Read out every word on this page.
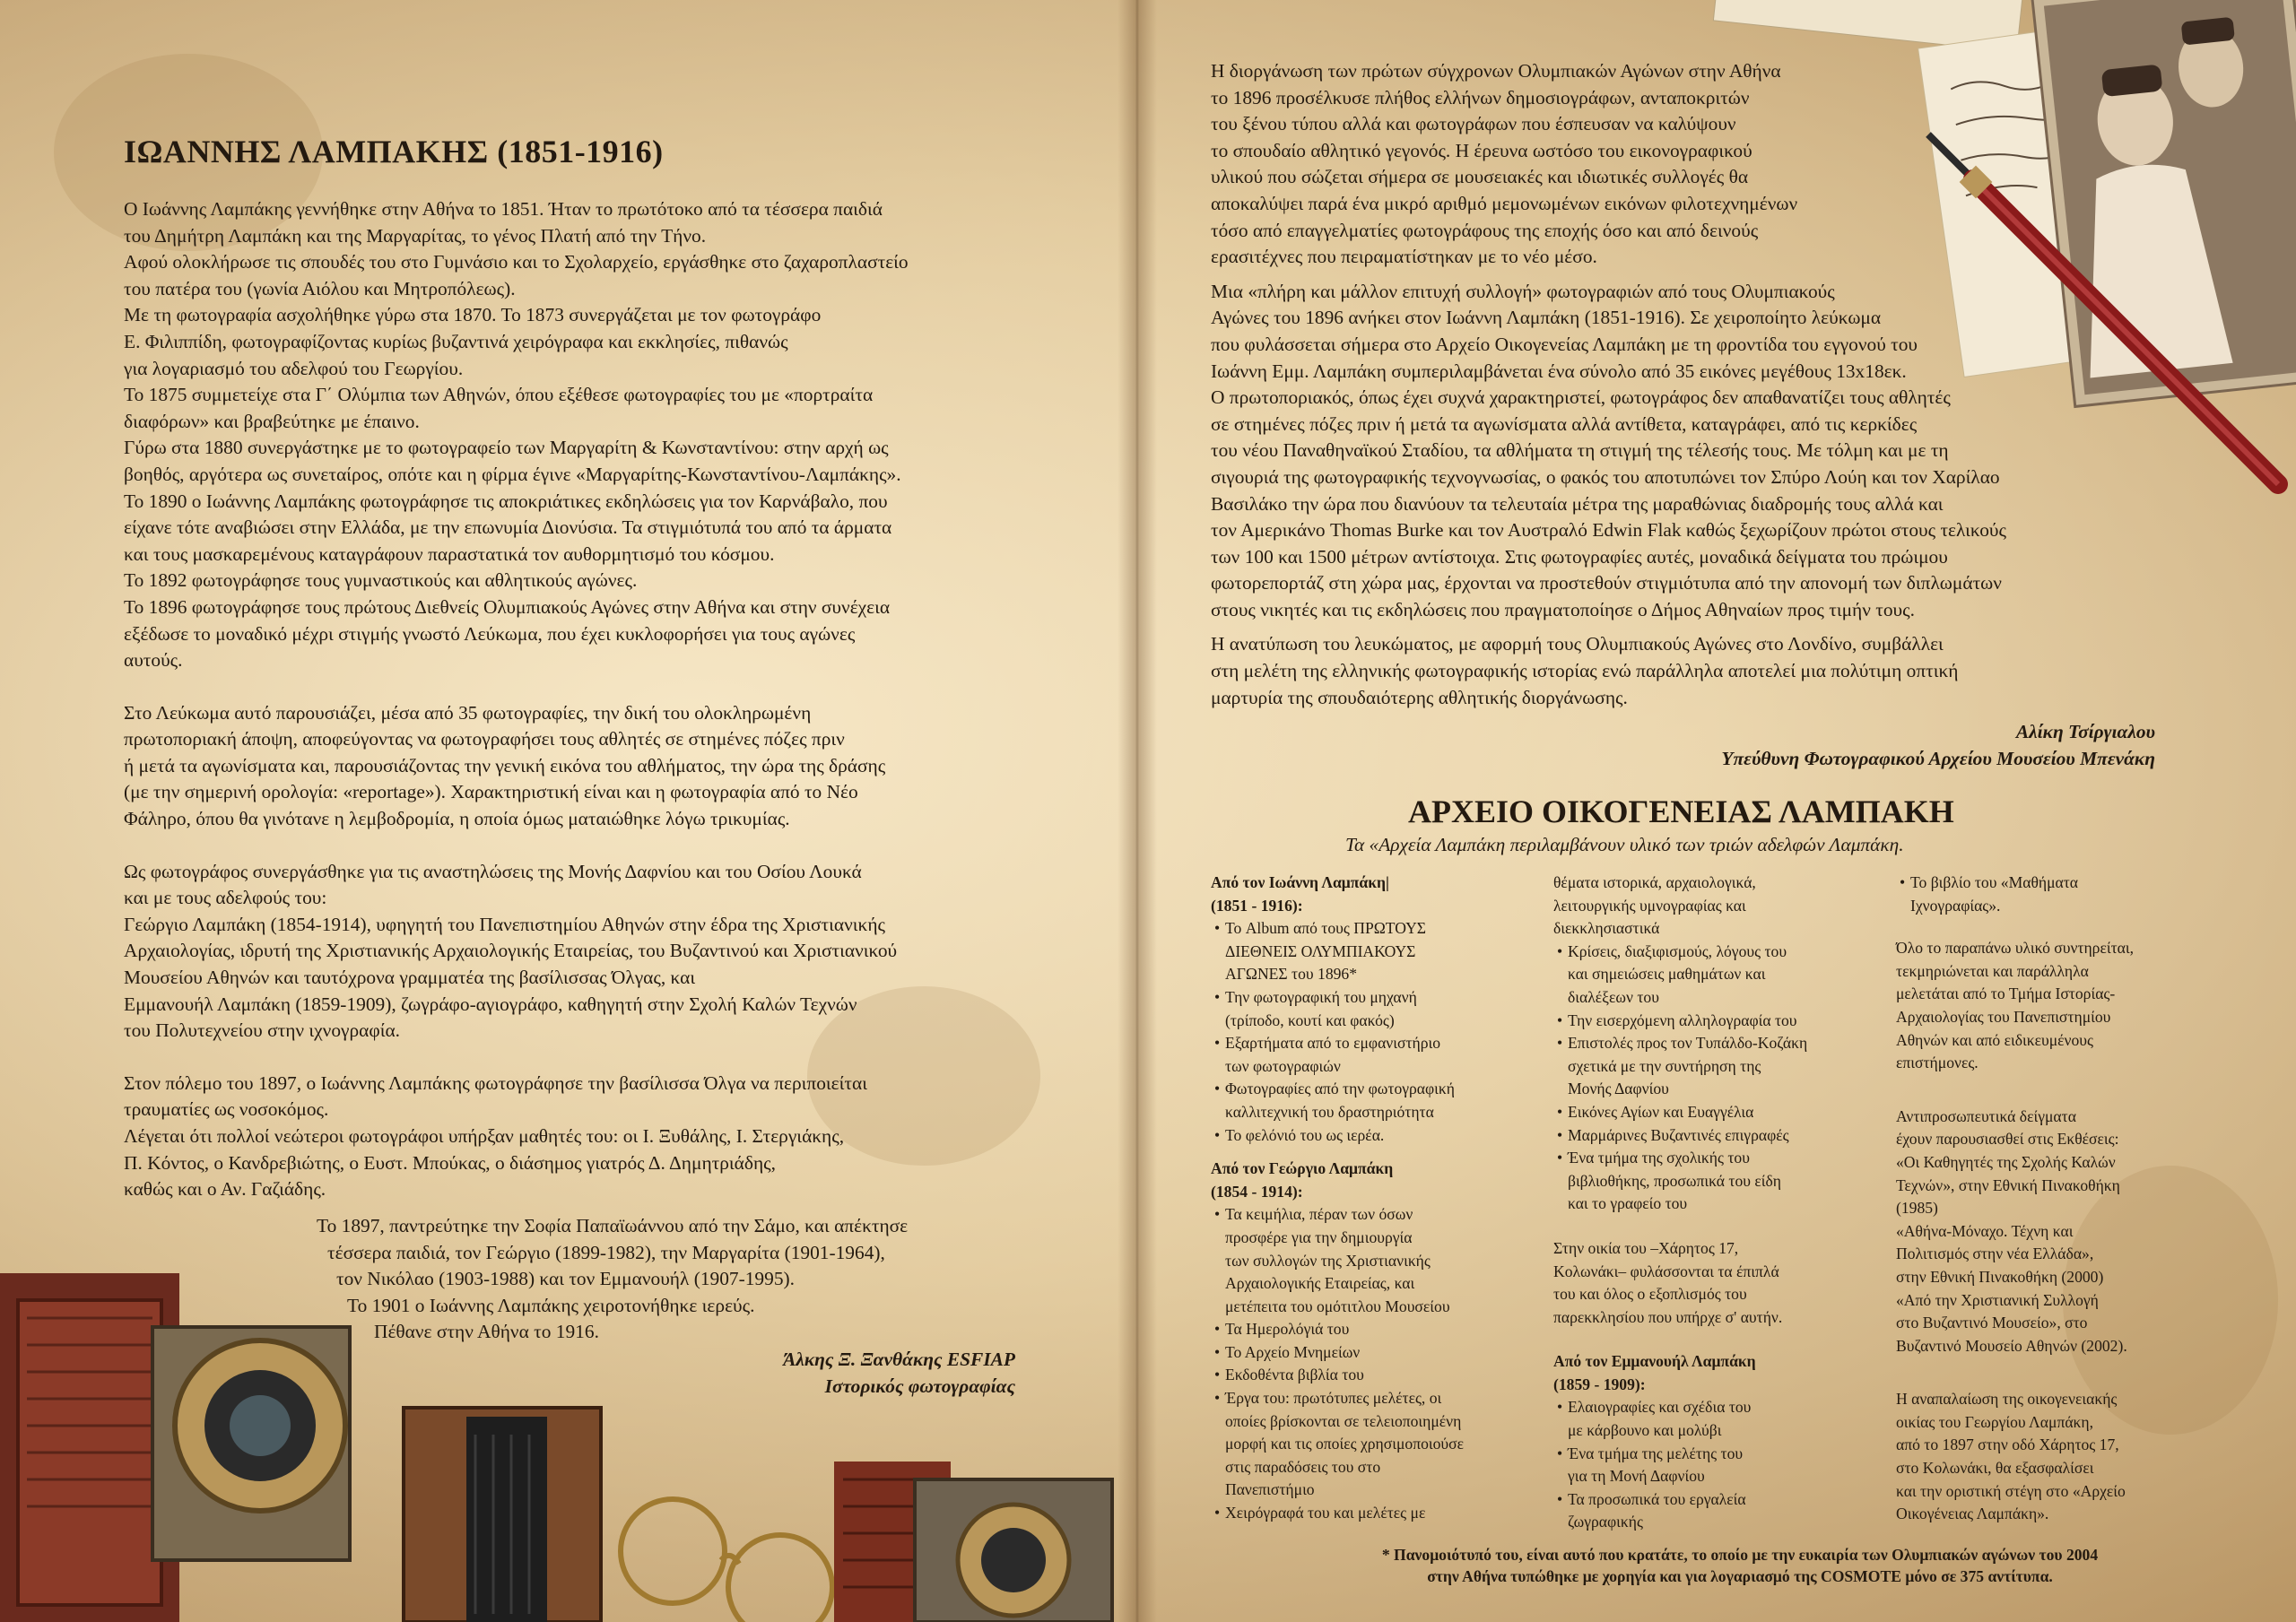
ΙΩΑΝΝΗΣ ΛΑΜΠΑΚΗΣ (1851-1916)

Ο Ιωάννης Λαμπάκης γεννήθηκε στην Αθήνα το 1851. Ήταν το πρωτότοκο από τα τέσσερα παιδιά

του Δημήτρη Λαμπάκη και της Μαργαρίτας, το γένος Πλατή από την Τήνο.

Αφού ολοκλήρωσε τις σπουδές του στο Γυμνάσιο και το Σχολαρχείο, εργάσθηκε στο ζαχαροπλαστείο

του πατέρα του (γωνία Αιόλου και Μητροπόλεως).

Με τη φωτογραφία ασχολήθηκε γύρω στα 1870. Το 1873 συνεργάζεται με τον φωτογράφο

Ε. Φιλιππίδη, φωτογραφίζοντας κυρίως βυζαντινά χειρόγραφα και εκκλησίες, πιθανώς

για λογαριασμό του αδελφού του Γεωργίου.

Το 1875 συμμετείχε στα Γ΄ Ολύμπια των Αθηνών, όπου εξέθεσε φωτογραφίες του με «πορτραίτα

διαφόρων» και βραβεύτηκε με έπαινο.

Γύρω στα 1880 συνεργάστηκε με το φωτογραφείο των Μαργαρίτη & Κωνσταντίνου: στην αρχή ως

βοηθός, αργότερα ως συνεταίρος, οπότε και η φίρμα έγινε «Μαργαρίτης-Κωνσταντίνου-Λαμπάκης».

Το 1890 ο Ιωάννης Λαμπάκης φωτογράφησε τις αποκριάτικες εκδηλώσεις για τον Καρνάβαλο, που

είχανε τότε αναβιώσει στην Ελλάδα, με την επωνυμία Διονύσια. Τα στιγμιότυπά του από τα άρματα

και τους μασκαρεμένους καταγράφουν παραστατικά τον αυθορμητισμό του κόσμου.

Το 1892 φωτογράφησε τους γυμναστικούς και αθλητικούς αγώνες.

Το 1896 φωτογράφησε τους πρώτους Διεθνείς Ολυμπιακούς Αγώνες στην Αθήνα και στην συνέχεια

εξέδωσε το μοναδικό μέχρι στιγμής γνωστό Λεύκωμα, που έχει κυκλοφορήσει για τους αγώνες

αυτούς.

Στο Λεύκωμα αυτό παρουσιάζει, μέσα από 35 φωτογραφίες, την δική του ολοκληρωμένη

πρωτοποριακή άποψη, αποφεύγοντας να φωτογραφήσει τους αθλητές σε στημένες πόζες πριν

ή μετά τα αγωνίσματα και, παρουσιάζοντας την γενική εικόνα του αθλήματος, την ώρα της δράσης

(με την σημερινή ορολογία: «reportage»). Χαρακτηριστική είναι και η φωτογραφία από το Νέο

Φάληρο, όπου θα γινότανε η λεμβοδρομία, η οποία όμως ματαιώθηκε λόγω τρικυμίας.

Ως φωτογράφος συνεργάσθηκε για τις αναστηλώσεις της Μονής Δαφνίου και του Οσίου Λουκά

και με τους αδελφούς του:

Γεώργιο Λαμπάκη (1854-1914), υφηγητή του Πανεπιστημίου Αθηνών στην έδρα της Χριστιανικής

Αρχαιολογίας, ιδρυτή της Χριστιανικής Αρχαιολογικής Εταιρείας, του Βυζαντινού και Χριστιανικού

Μουσείου Αθηνών και ταυτόχρονα γραμματέα της βασίλισσας Όλγας, και

Εμμανουήλ Λαμπάκη (1859-1909), ζωγράφο-αγιογράφο, καθηγητή στην Σχολή Καλών Τεχνών

του Πολυτεχνείου στην ιχνογραφία.

Στον πόλεμο του 1897, ο Ιωάννης Λαμπάκης φωτογράφησε την βασίλισσα Όλγα να περιποιείται

τραυματίες ως νοσοκόμος.

Λέγεται ότι πολλοί νεώτεροι φωτογράφοι υπήρξαν μαθητές του: οι Ι. Ξυθάλης, Ι. Στεργιάκης,

Π. Κόντος, ο Κανδρεβιώτης, ο Ευστ. Μπούκας, ο διάσημος γιατρός Δ. Δημητριάδης,

καθώς και ο Αν. Γαζιάδης.

Το 1897, παντρεύτηκε την Σοφία Παπαϊωάννου από την Σάμο, και απέκτησε

τέσσερα παιδιά, τον Γεώργιο (1899-1982), την Μαργαρίτα (1901-1964),

τον Νικόλαο (1903-1988) και τον Εμμανουήλ (1907-1995).

Το 1901 ο Ιωάννης Λαμπάκης χειροτονήθηκε ιερεύς.

Πέθανε στην Αθήνα το 1916.

Άλκης Ξ. Ξανθάκης ESFIAP

Ιστορικός φωτογραφίας

Η διοργάνωση των πρώτων σύγχρονων Ολυμπιακών Αγώνων στην Αθήνα

το 1896 προσέλκυσε πλήθος ελλήνων δημοσιογράφων, ανταποκριτών

του ξένου τύπου αλλά και φωτογράφων που έσπευσαν να καλύψουν

το σπουδαίο αθλητικό γεγονός. Η έρευνα ωστόσο του εικονογραφικού

υλικού που σώζεται σήμερα σε μουσειακές και ιδιωτικές συλλογές θα

αποκαλύψει παρά ένα μικρό αριθμό μεμονωμένων εικόνων φιλοτεχνημένων

τόσο από επαγγελματίες φωτογράφους της εποχής όσο και από δεινούς

ερασιτέχνες που πειραματίστηκαν με το νέο μέσο.

Μια «πλήρη και μάλλον επιτυχή συλλογή» φωτογραφιών από τους Ολυμπιακούς

Αγώνες του 1896 ανήκει στον Ιωάννη Λαμπάκη (1851-1916). Σε χειροποίητο λεύκωμα

που φυλάσσεται σήμερα στο Αρχείο Οικογενείας Λαμπάκη με τη φροντίδα του εγγονού του

Ιωάννη Εμμ. Λαμπάκη συμπεριλαμβάνεται ένα σύνολο από 35 εικόνες μεγέθους 13x18εκ.

Ο πρωτοποριακός, όπως έχει συχνά χαρακτηριστεί, φωτογράφος δεν απαθανατίζει τους αθλητές

σε στημένες πόζες πριν ή μετά τα αγωνίσματα αλλά αντίθετα, καταγράφει, από τις κερκίδες

του νέου Παναθηναϊκού Σταδίου, τα αθλήματα τη στιγμή της τέλεσής τους. Με τόλμη και με τη

σιγουριά της φωτογραφικής τεχνογνωσίας, ο φακός του αποτυπώνει τον Σπύρο Λούη και τον Χαρίλαο

Βασιλάκο την ώρα που διανύουν τα τελευταία μέτρα της μαραθώνιας διαδρομής τους αλλά και

τον Αμερικάνο Thomas Burke και τον Αυστραλό Edwin Flak καθώς ξεχωρίζουν πρώτοι στους τελικούς

των 100 και 1500 μέτρων αντίστοιχα. Στις φωτογραφίες αυτές, μοναδικά δείγματα του πρώιμου

φωτορεπορτάζ στη χώρα μας, έρχονται να προστεθούν στιγμιότυπα από την απονομή των διπλωμάτων

στους νικητές και τις εκδηλώσεις που πραγματοποίησε ο Δήμος Αθηναίων προς τιμήν τους.

Η ανατύπωση του λευκώματος, με αφορμή τους Ολυμπιακούς Αγώνες στο Λονδίνο, συμβάλλει

στη μελέτη της ελληνικής φωτογραφικής ιστορίας ενώ παράλληλα αποτελεί μια πολύτιμη οπτική

μαρτυρία της σπουδαιότερης αθλητικής διοργάνωσης.

Αλίκη Τσίργιαλου

Υπεύθυνη Φωτογραφικού Αρχείου Μουσείου Μπενάκη

ΑΡΧΕΙΟ ΟΙΚΟΓΕΝΕΙΑΣ ΛΑΜΠΑΚΗ
Τα «Αρχεία Λαμπάκη περιλαμβάνουν υλικό των τριών αδελφών Λαμπάκη.

Από τον Ιωάννη Λαμπάκη|

(1851 - 1916):

• Το Album από τους ΠΡΩΤΟΥΣ

ΔΙΕΘΝΕΙΣ ΟΛΥΜΠΙΑΚΟΥΣ

ΑΓΩΝΕΣ του 1896*

• Την φωτογραφική του μηχανή

(τρίποδο, κουτί και φακός)

• Εξαρτήματα από το εμφανιστήριο

των φωτογραφιών

• Φωτογραφίες από την φωτογραφική

καλλιτεχνική του δραστηριότητα

• Το φελόνιό του ως ιερέα.

Από τον Γεώργιο Λαμπάκη

(1854 - 1914):

• Τα κειμήλια, πέραν των όσων

προσφέρε για την δημιουργία

των συλλογών της Χριστιανικής

Αρχαιολογικής Εταιρείας, και

μετέπειτα του ομότιτλου Μουσείου

• Τα Ημερολόγιά του

• Το Αρχείο Μνημείων

• Εκδοθέντα βιβλία του

• Έργα του: πρωτότυπες μελέτες, οι

οποίες βρίσκονται σε τελειοποιημένη

μορφή και τις οποίες χρησιμοποιούσε

στις παραδόσεις του στο

Πανεπιστήμιο

• Χειρόγραφά του και μελέτες με

θέματα ιστορικά, αρχαιολογικά,

λειτουργικής υμνογραφίας και

διεκκλησιαστικά

• Κρίσεις, διαξιφισμούς, λόγους του

και σημειώσεις μαθημάτων και

διαλέξεων του

• Την εισερχόμενη αλληλογραφία του

• Επιστολές προς τον Τυπάλδο-Κοζάκη

σχετικά με την συντήρηση της

Μονής Δαφνίου

• Εικόνες Αγίων και Ευαγγέλια

• Μαρμάρινες Βυζαντινές επιγραφές

• Ένα τμήμα της σχολικής του

βιβλιοθήκης, προσωπικά του είδη

και το γραφείο του

Στην οικία του –Χάρητος 17,

Κολωνάκι– φυλάσσονται τα έπιπλά

του και όλος ο εξοπλισμός του

παρεκκλησίου που υπήρχε σ' αυτήν.

Από τον Εμμανουήλ Λαμπάκη

(1859 - 1909):

• Ελαιογραφίες και σχέδια του

με κάρβουνο και μολύβι

• Ένα τμήμα της μελέτης του

για τη Μονή Δαφνίου

• Τα προσωπικά του εργαλεία

ζωγραφικής

• Το βιβλίο του «Μαθήματα

Ιχνογραφίας».

Όλο το παραπάνω υλικό συντηρείται,

τεκμηριώνεται και παράλληλα

μελετάται από το Τμήμα Ιστορίας-

Αρχαιολογίας του Πανεπιστημίου

Αθηνών και από ειδικευμένους

επιστήμονες.

Αντιπροσωπευτικά δείγματα

έχουν παρουσιασθεί στις Εκθέσεις:

«Οι Καθηγητές της Σχολής Καλών

Τεχνών», στην Εθνική Πινακοθήκη

(1985)

«Αθήνα-Μόναχο. Τέχνη και

Πολιτισμός στην νέα Ελλάδα»,

στην Εθνική Πινακοθήκη (2000)

«Από την Χριστιανική Συλλογή

στο Βυζαντινό Μουσείο», στο

Βυζαντινό Μουσείο Αθηνών (2002).

Η αναπαλαίωση της οικογενειακής

οικίας του Γεωργίου Λαμπάκη,

από το 1897 στην οδό Χάρητος 17,

στο Κολωνάκι, θα εξασφαλίσει

και την οριστική στέγη στο «Αρχείο

Οικογένειας Λαμπάκη».

* Πανομοιότυπό του, είναι αυτό που κρατάτε, το οποίο με την ευκαιρία των Ολυμπιακών αγώνων του 2004
στην Αθήνα τυπώθηκε με χορηγία και για λογαριασμό της COSMOTE μόνο σε 375 αντίτυπα.
